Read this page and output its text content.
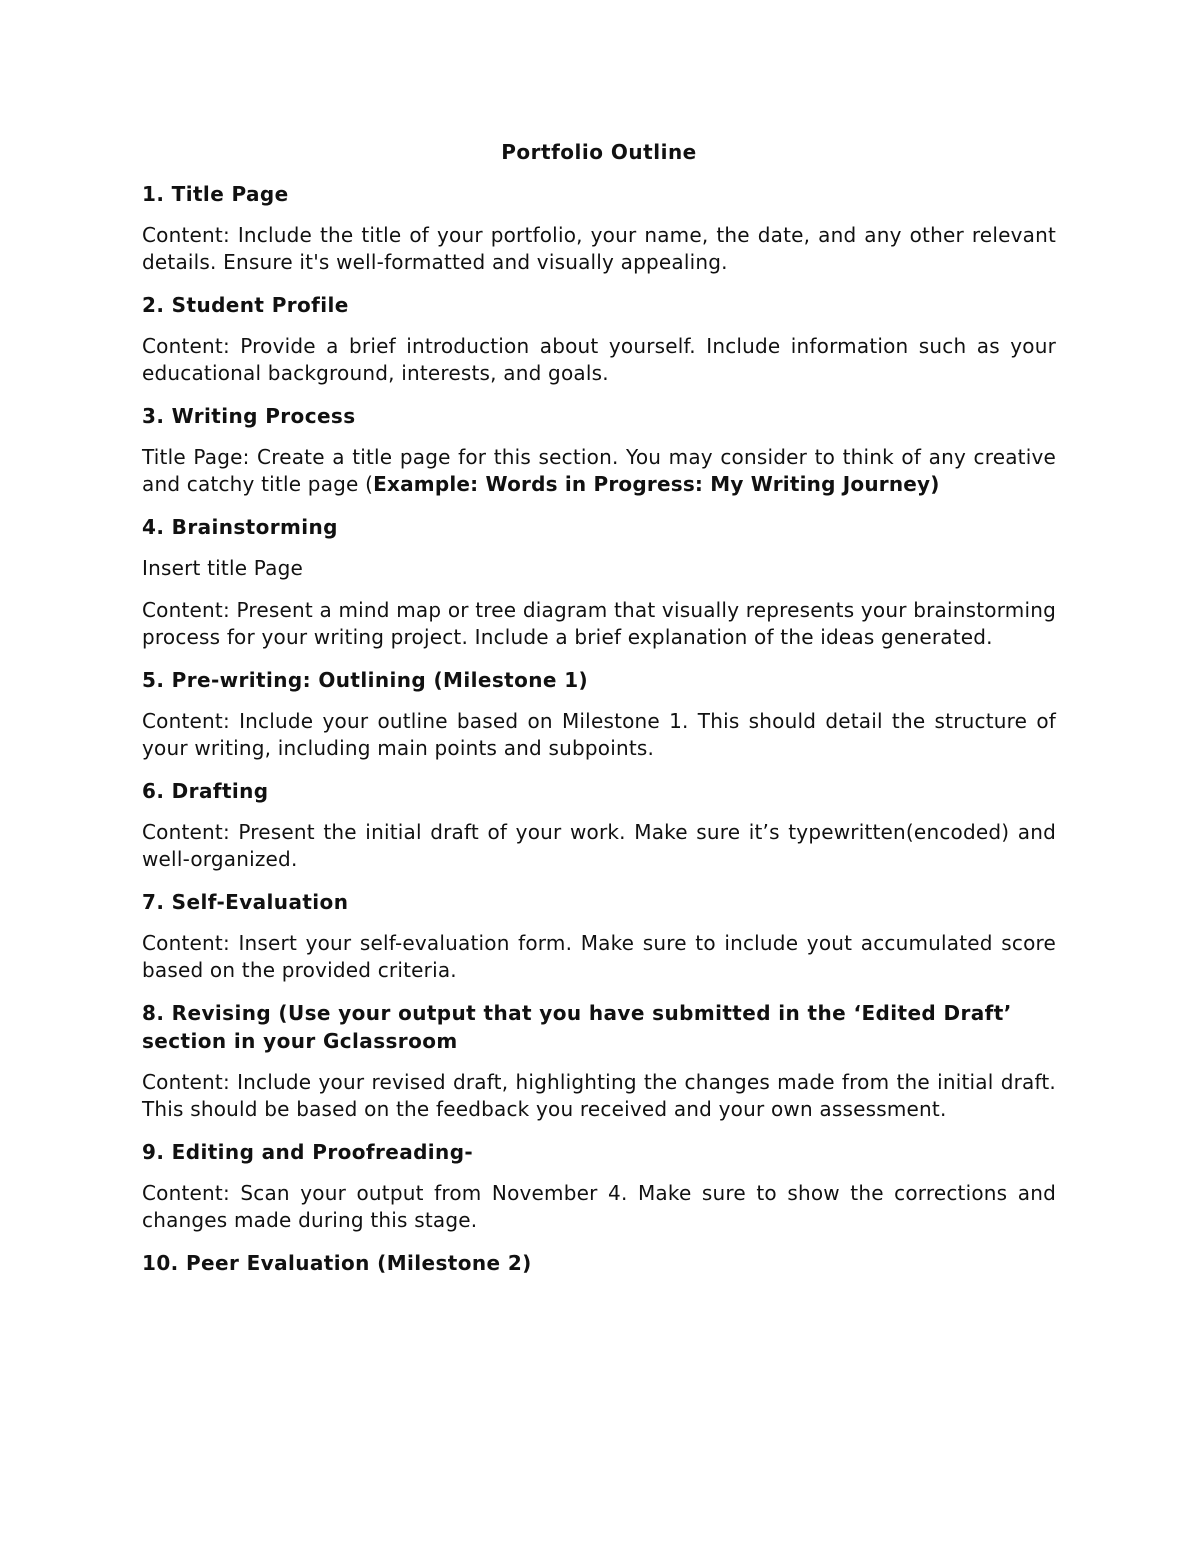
Portfolio Outline
1. Title Page

Content: Include the title of your portfolio, your name, the date, and any other relevant details. Ensure it's well-formatted and visually appealing.

2. Student Profile

Content: Provide a brief introduction about yourself. Include information such as your educational background, interests, and goals.

3. Writing Process

Title Page: Create a title page for this section. You may consider to think of any creative and catchy title page (Example: Words in Progress: My Writing Journey)

4. Brainstorming

Insert title Page

Content: Present a mind map or tree diagram that visually represents your brainstorming process for your writing project. Include a brief explanation of the ideas generated.

5. Pre-writing: Outlining (Milestone 1)

Content: Include your outline based on Milestone 1. This should detail the structure of your writing, including main points and subpoints.

6. Drafting

Content: Present the initial draft of your work. Make sure it’s typewritten(encoded) and well-organized.

7. Self-Evaluation

Content: Insert your self-evaluation form. Make sure to include yout accumulated score based on the provided criteria.

8. Revising (Use your output that you have submitted in the ‘Edited Draft’ section in your Gclassroom

Content: Include your revised draft, highlighting the changes made from the initial draft. This should be based on the feedback you received and your own assessment.

9. Editing and Proofreading-

Content: Scan your output from November 4. Make sure to show the corrections and changes made during this stage.

10. Peer Evaluation (Milestone 2)
